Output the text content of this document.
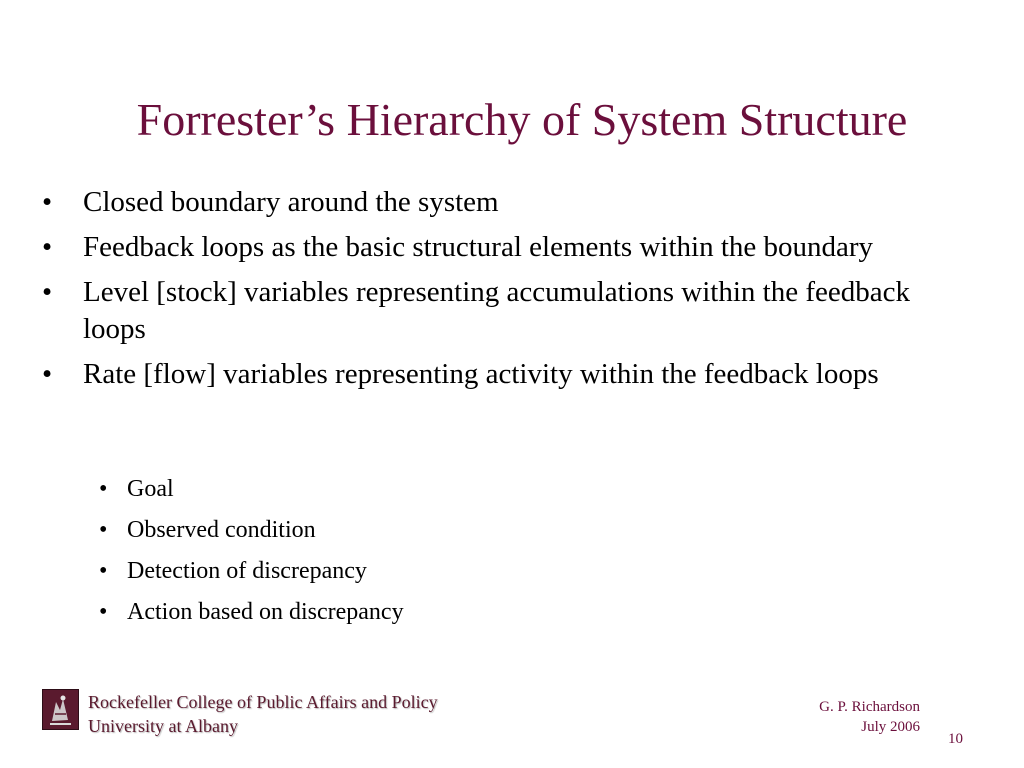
Forrester’s Hierarchy of System Structure
• Closed boundary around the system
• Feedback loops as the basic structural elements within the boundary
• Level [stock] variables representing accumulations within the feedback loops
• Rate [flow] variables representing activity within the feedback loops
• Goal
• Observed condition
• Detection of discrepancy
• Action based on discrepancy
Rockefeller College of Public Affairs and Policy
University at Albany
G. P. Richardson
July 2006
10
